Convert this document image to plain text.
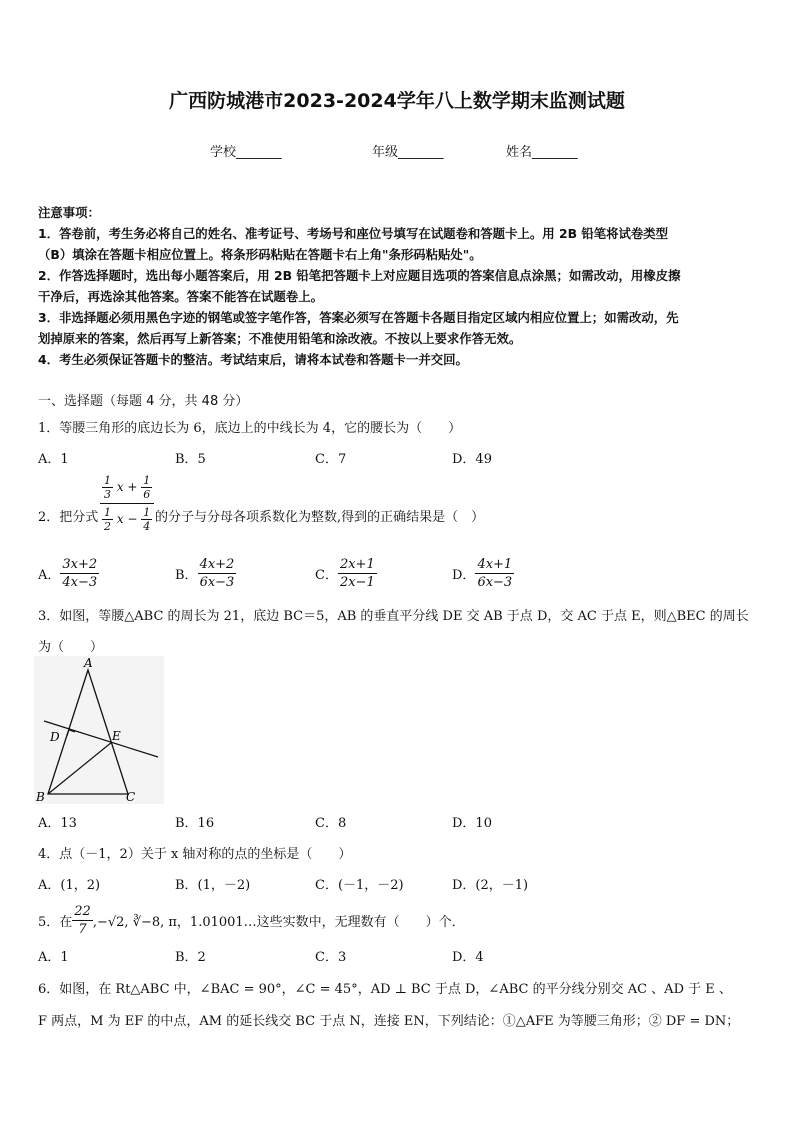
广西防城港市2023-2024学年八上数学期末监测试题
学校_______	年级_______	姓名_______
注意事项：
1．答卷前，考生务必将自己的姓名、准考证号、考场号和座位号填写在试题卷和答题卡上。用 2B 铅笔将试卷类型
（B）填涂在答题卡相应位置上。将条形码粘贴在答题卡右上角"条形码粘贴处"。
2．作答选择题时，选出每小题答案后，用 2B 铅笔把答题卡上对应题目选项的答案信息点涂黑；如需改动，用橡皮擦
干净后，再选涂其他答案。答案不能答在试题卷上。
3．非选择题必须用黑色字迹的钢笔或签字笔作答，答案必须写在答题卡各题目指定区域内相应位置上；如需改动，先
划掉原来的答案，然后再写上新答案；不准使用铅笔和涂改液。不按以上要求作答无效。
4．考生必须保证答题卡的整洁。考试结束后，请将本试卷和答题卡一并交回。
一、选择题（每题 4 分，共 48 分）
1．等腰三角形的底边长为 6，底边上的中线长为 4，它的腰长为（　　）
A．1	B．5	C．7	D．49
2．把分式 $\frac{\frac{1}{3} x + \frac{1}{6}}{\frac{1}{2} x - \frac{1}{4}}$ 的分子与分母各项系数化为整数,得到的正确结果是（　）
A． $\frac{3x+2}{4x-3}$	B． $\frac{4x+2}{6x-3}$	C． $\frac{2x+1}{2x-1}$	D． $\frac{4x+1}{6x-3}$
3．如图，等腰△ABC 的周长为 21，底边 BC＝5，AB 的垂直平分线 DE 交 AB 于点 D，交 AC 于点 E，则△BEC 的周长
为（　　）
A
D	E
B	C
A．13	B．16	C．8	D．10
4．点（－1，2）关于 x 轴对称的点的坐标是（　　）
A．(1，2)	B．(1，－2)	C．(－1，－2)	D．(2，－1)
5．在 $\frac{22}{7} ,-√2$, ∛−8, π，1.01001…这些实数中，无理数有（　　）个．
A．1	B．2	C．3	D．4
6．如图，在 Rt△ABC 中，∠BAC = 90°，∠C = 45°，AD ⊥ BC 于点 D，∠ABC 的平分线分别交 AC 、AD 于 E 、
F 两点，M 为 EF 的中点，AM 的延长线交 BC 于点 N，连接 EN，下列结论：①△AFE 为等腰三角形；② DF = DN；
